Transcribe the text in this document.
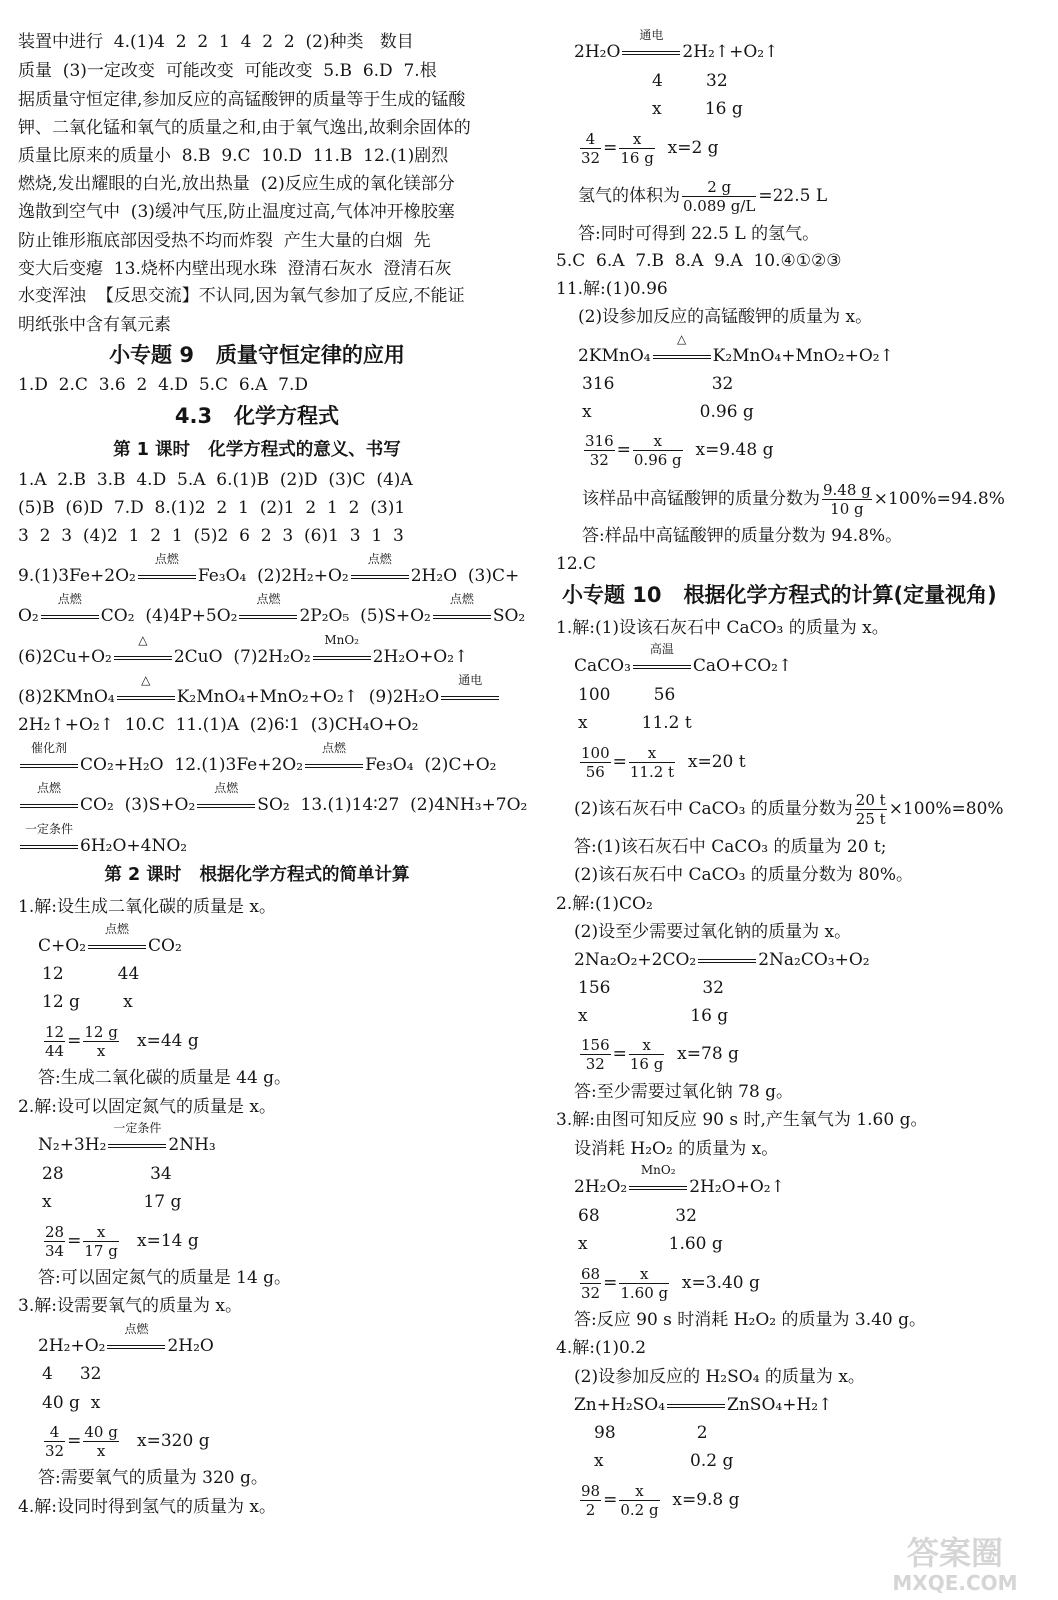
装置中进行  4.(1)4  2  2  1  4  2  2  (2)种类   数目
质量  (3)一定改变  可能改变  可能改变  5.B  6.D  7.根
据质量守恒定律,参加反应的高锰酸钾的质量等于生成的锰酸
钾、二氧化锰和氧气的质量之和,由于氧气逸出,故剩余固体的
质量比原来的质量小  8.B  9.C  10.D  11.B  12.(1)剧烈
燃烧,发出耀眼的白光,放出热量  (2)反应生成的氧化镁部分
逸散到空气中  (3)缓冲气压,防止温度过高,气体冲开橡胶塞
防止锥形瓶底部因受热不均而炸裂  产生大量的白烟  先
变大后变瘪  13.烧杯内壁出现水珠  澄清石灰水  澄清石灰
水变浑浊  【反思交流】不认同,因为氧气参加了反应,不能证
明纸张中含有氧元素
小专题 9   质量守恒定律的应用
1.D  2.C  3.6  2  4.D  5.C  6.A  7.D
4.3   化学方程式
第 1 课时   化学方程式的意义、书写
1.A  2.B  3.B  4.D  5.A  6.(1)B  (2)D  (3)C  (4)A
(5)B  (6)D  7.D  8.(1)2  2  1  (2)1  2  1  2  (3)1
3  2  3  (4)2  1  2  1  (5)2  6  2  3  (6)1  3  1  3
9.(1)3Fe+2O₂
点燃
Fe₃O₄  (2)2H₂+O₂
点燃
2H₂O  (3)C+
O₂
点燃
CO₂  (4)4P+5O₂
点燃
2P₂O₅  (5)S+O₂
点燃
SO₂
(6)2Cu+O₂
△
2CuO  (7)2H₂O₂
MnO₂
2H₂O+O₂↑
(8)2KMnO₄
△
K₂MnO₄+MnO₂+O₂↑  (9)2H₂O
通电
2H₂↑+O₂↑  10.C  11.(1)A  (2)6∶1  (3)CH₄O+O₂
催化剂
CO₂+H₂O  12.(1)3Fe+2O₂
点燃
Fe₃O₄  (2)C+O₂
点燃
CO₂  (3)S+O₂
点燃
SO₂  13.(1)14∶27  (2)4NH₃+7O₂
一定条件
6H₂O+4NO₂
第 2 课时   根据化学方程式的简单计算
1.解:设生成二氧化碳的质量是 x。
C+O₂
点燃
CO₂
12          44
12 g        x
$\frac{12}{44} = \frac{12 g}{x} x=44$ g
答:生成二氧化碳的质量是 44 g。
2.解:设可以固定氮气的质量是 x。
N₂+3H₂
一定条件
2NH₃
28                34
x                 17 g
$\frac{28}{34} = \frac{x}{17 g} x=14$ g
答:可以固定氮气的质量是 14 g。
3.解:设需要氧气的质量为 x。
2H₂+O₂
点燃
2H₂O
4     32
40 g  x
$\frac{4}{32} = \frac{40 g}{x} x=320$ g
答:需要氧气的质量为 320 g。
4.解:设同时得到氢气的质量为 x。
2H₂O
通电
2H₂↑+O₂↑
4        32
x        16 g
$\frac{4}{32} = \frac{x}{16 g} x=2$ g
氢气的体积为 $\frac{2 g}{0.089 g/L} =22.5$ L
答:同时可得到 22.5 L 的氢气。
5.C  6.A  7.B  8.A  9.A  10.④①②③
11.解:(1)0.96
(2)设参加反应的高锰酸钾的质量为 x。
2KMnO₄
△
K₂MnO₄+MnO₂+O₂↑
316                  32
x                    0.96 g
$\frac{316}{32} = \frac{x}{0.96 g} x=9.48$ g
该样品中高锰酸钾的质量分数为 $\frac{9.48 g}{10 g} \times 100\%=94.8\%$
答:样品中高锰酸钾的质量分数为 94.8%。
12.C
小专题 10   根据化学方程式的计算(定量视角)
1.解:(1)设该石灰石中 CaCO₃ 的质量为 x。
CaCO₃
高温
CaO+CO₂↑
100        56
x          11.2 t
$\frac{100}{56} = \frac{x}{11.2 t} x=20$ t
(2)该石灰石中 CaCO₃ 的质量分数为 $\frac{20 t}{25 t} \times 100\%=80\%$
答:(1)该石灰石中 CaCO₃ 的质量为 20 t;
(2)该石灰石中 CaCO₃ 的质量分数为 80%。
2.解:(1)CO₂
(2)设至少需要过氧化钠的质量为 x。
2Na₂O₂+2CO₂
	2Na₂CO₃+O₂
156                 32
x                   16 g
$\frac{156}{32} = \frac{x}{16 g} x=78$ g
答:至少需要过氧化钠 78 g。
3.解:由图可知反应 90 s 时,产生氧气为 1.60 g。
设消耗 H₂O₂ 的质量为 x。
2H₂O₂
MnO₂
2H₂O+O₂↑
68              32
x               1.60 g
$\frac{68}{32} = \frac{x}{1.60 g} x=3.40$ g
答:反应 90 s 时消耗 H₂O₂ 的质量为 3.40 g。
4.解:(1)0.2
(2)设参加反应的 H₂SO₄ 的质量为 x。
Zn+H₂SO₄
	ZnSO₄+H₂↑
98               2
x                0.2 g
$\frac{98}{2} = \frac{x}{0.2 g} x=9.8$ g
答案圈
MXQE.COM
